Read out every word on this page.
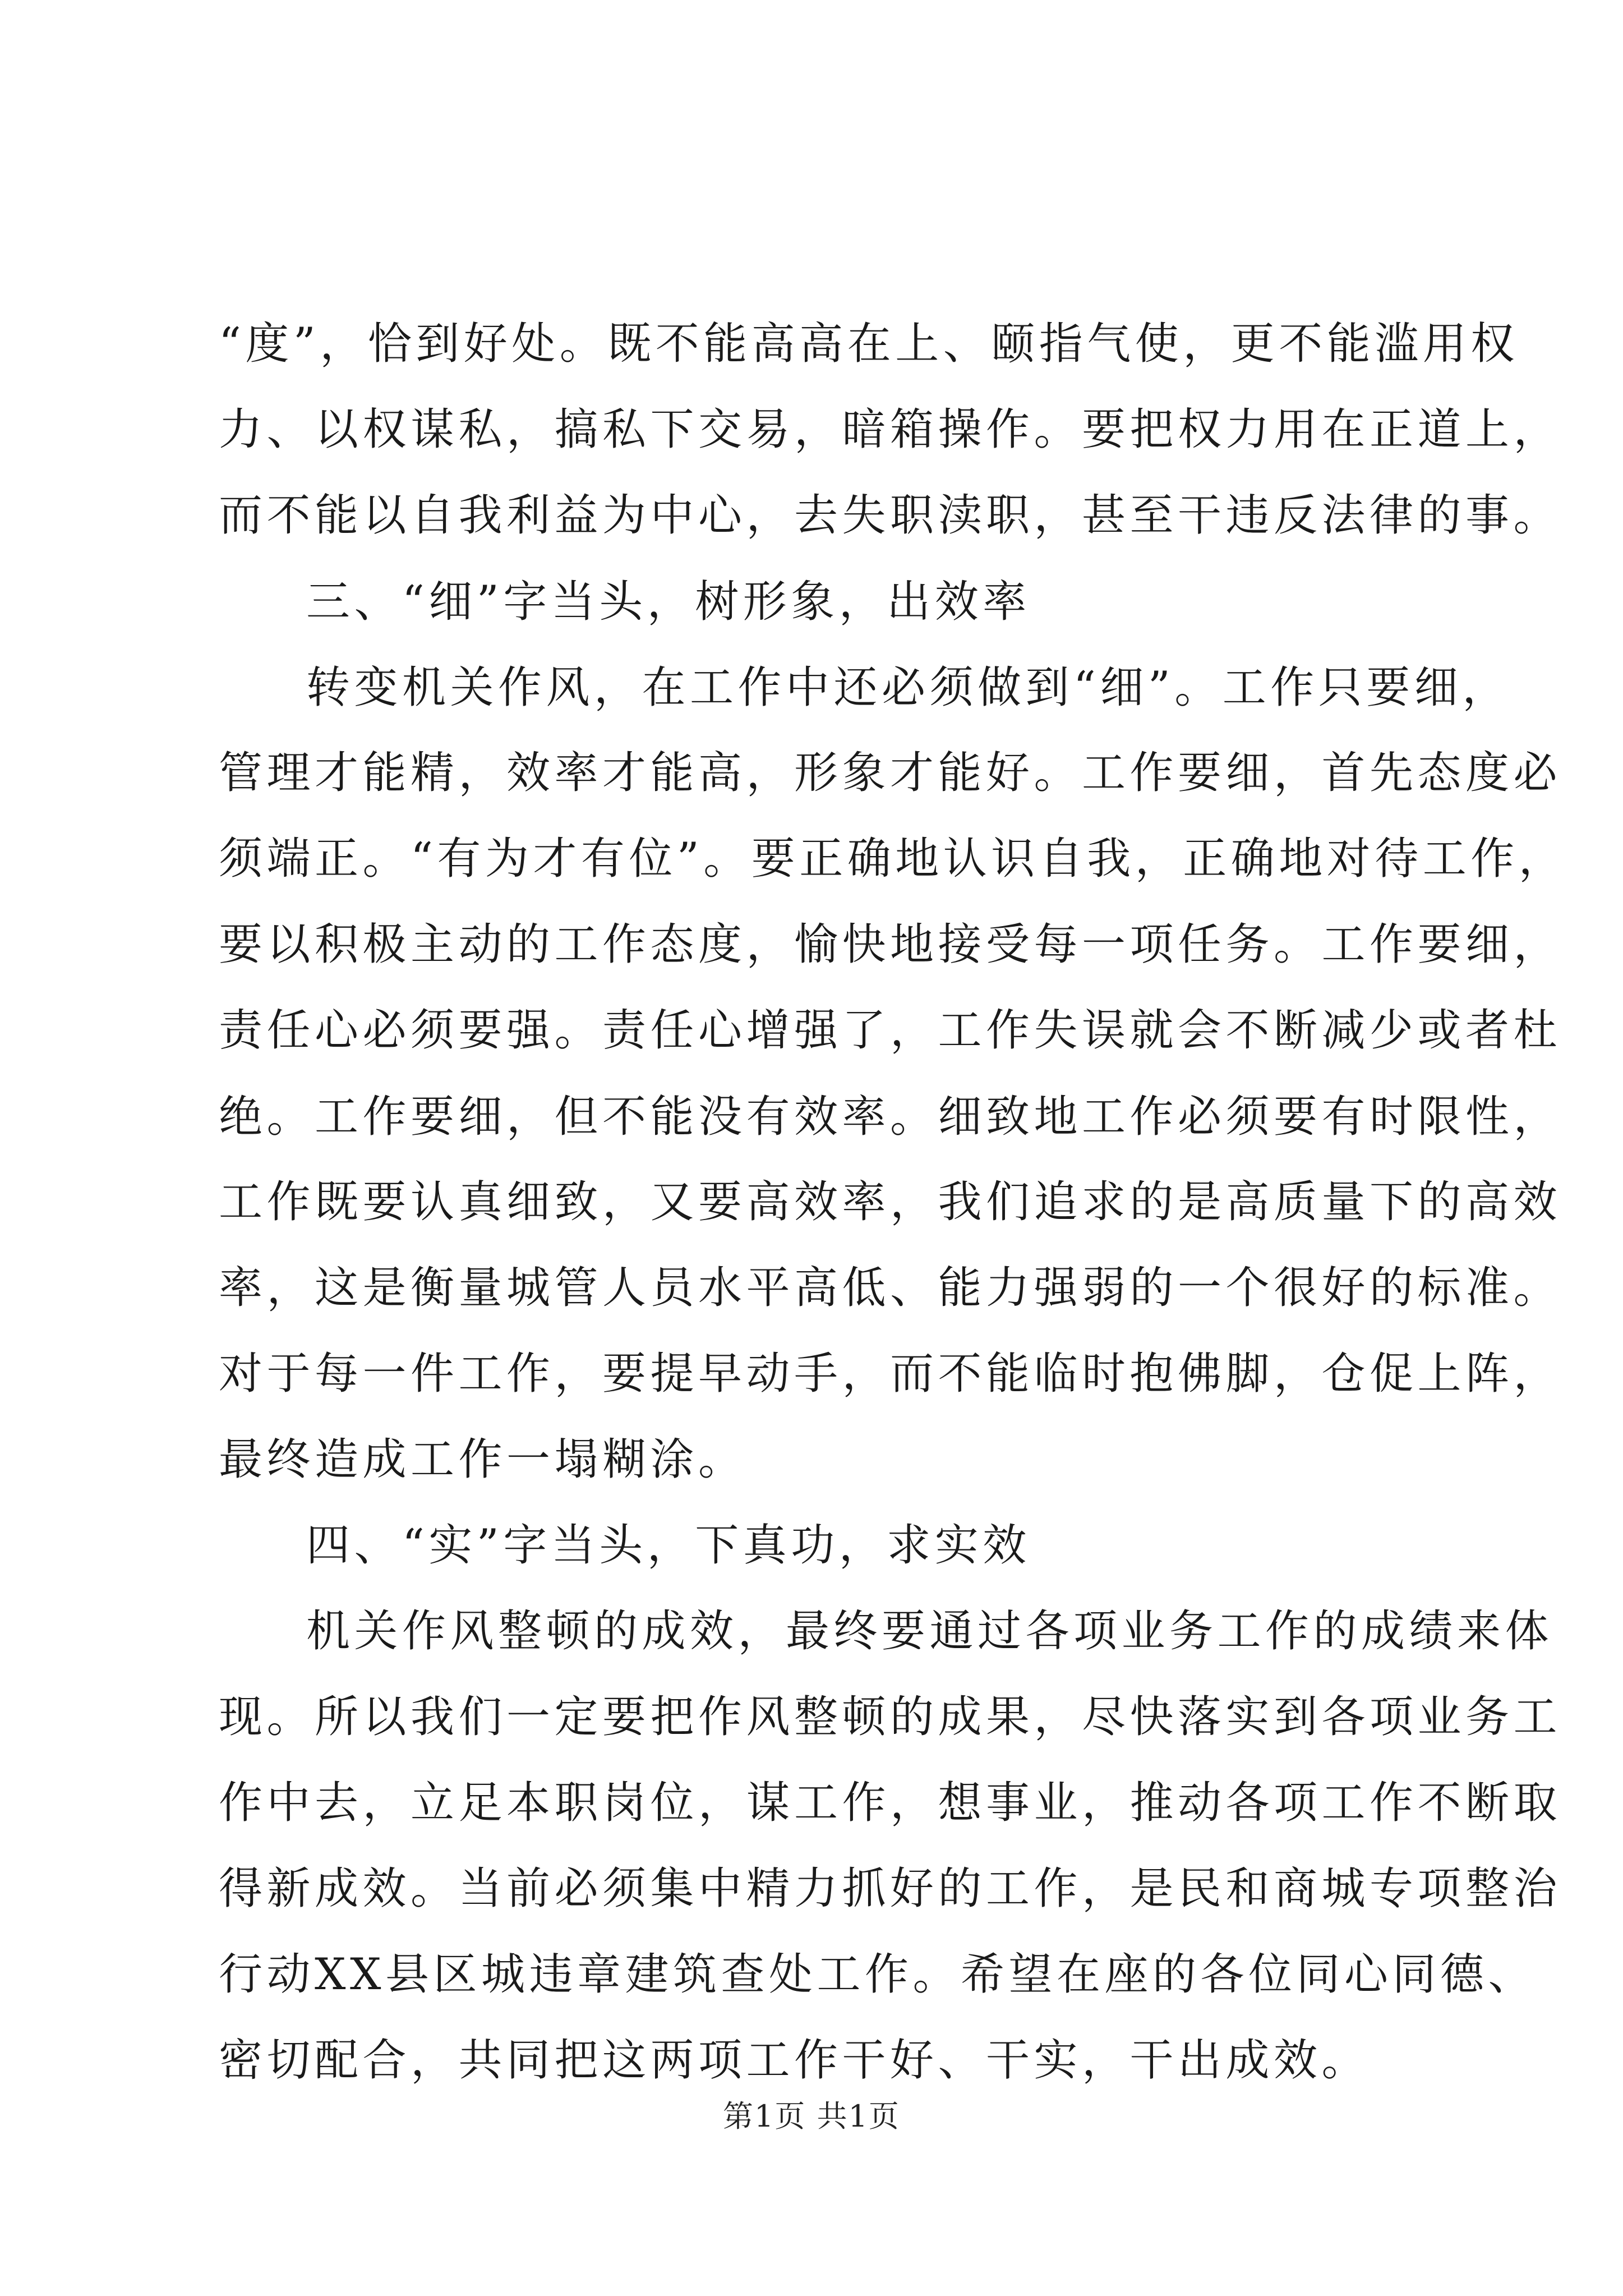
“度”，恰到好处。既不能高高在上、颐指气使，更不能滥用权
力、以权谋私，搞私下交易，暗箱操作。要把权力用在正道上，
而不能以自我利益为中心，去失职渎职，甚至干违反法律的事。
三、“细”字当头，树形象，出效率
转变机关作风，在工作中还必须做到“细”。工作只要细，
管理才能精，效率才能高，形象才能好。工作要细，首先态度必
须端正。“有为才有位”。要正确地认识自我，正确地对待工作，
要以积极主动的工作态度，愉快地接受每一项任务。工作要细，
责任心必须要强。责任心增强了，工作失误就会不断减少或者杜
绝。工作要细，但不能没有效率。细致地工作必须要有时限性，
工作既要认真细致，又要高效率，我们追求的是高质量下的高效
率，这是衡量城管人员水平高低、能力强弱的一个很好的标准。
对于每一件工作，要提早动手，而不能临时抱佛脚，仓促上阵，
最终造成工作一塌糊涂。
四、“实”字当头，下真功，求实效
机关作风整顿的成效，最终要通过各项业务工作的成绩来体
现。所以我们一定要把作风整顿的成果，尽快落实到各项业务工
作中去，立足本职岗位，谋工作，想事业，推动各项工作不断取
得新成效。当前必须集中精力抓好的工作，是民和商城专项整治
行动XX县区城违章建筑查处工作。希望在座的各位同心同德、
密切配合，共同把这两项工作干好、干实，干出成效。
第1页 共1页
